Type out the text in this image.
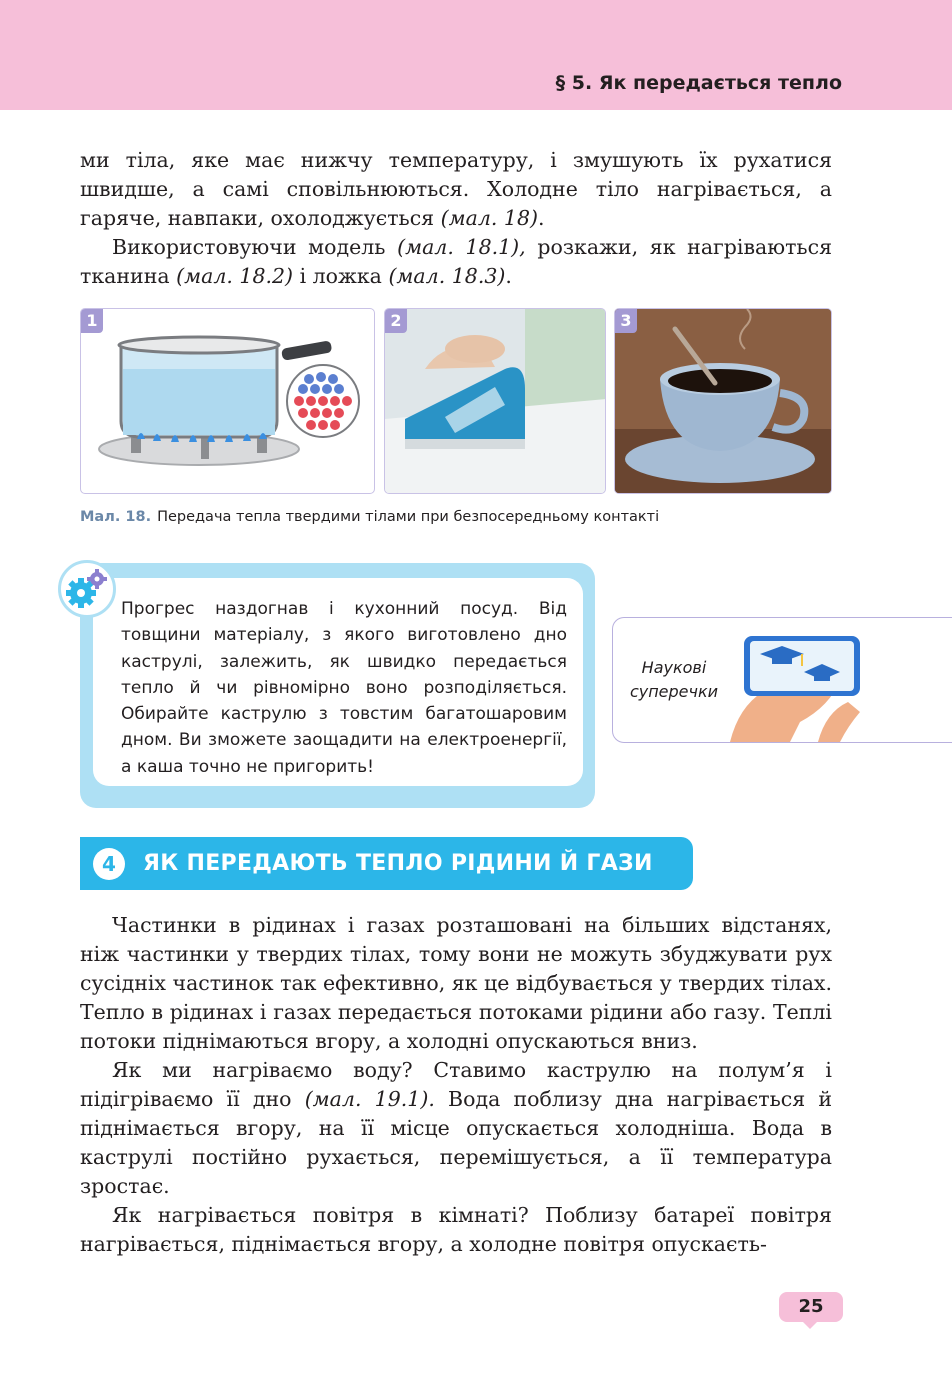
§ 5. Як передається тепло

ми тіла, яке має нижчу температуру, і змушують їх рухатися швидше, а самі сповільнюються. Холодне тіло нагрівається, а гаряче, навпаки, охолоджується (мал. 18).

Використовуючи модель (мал. 18.1), розкажи, як нагріваються тканина (мал. 18.2) і ложка (мал. 18.3).

1	2	3
Мал. 18. Передача тепла твердими тілами при безпосередньому контакті
Прогрес наздогнав і кухонний посуд. Від товщини матеріалу, з якого виготовлено дно каструлі, залежить, як швидко передається тепло й чи рівномірно воно розподіляється. Обирайте каструлю з товстим багатошаровим дном. Ви зможете заощадити на електроенергії, а каша точно не пригорить!
Наукові
суперечки
4	ЯК ПЕРЕДАЮТЬ ТЕПЛО РІДИНИ Й ГАЗИ

Частинки в рідинах і газах розташовані на більших відстанях, ніж частинки у твердих тілах, тому вони не можуть збуджувати рух сусідніх частинок так ефективно, як це відбувається у твердих тілах. Тепло в рідинах і газах передається потоками рідини або газу. Теплі потоки піднімаються вгору, а холодні опускаються вниз.

Як ми нагріваємо воду? Ставимо каструлю на полум’я і підігріваємо її дно (мал. 19.1). Вода поблизу дна нагрівається й піднімається вгору, на її місце опускається холодніша. Вода в каструлі постійно рухається, перемішується, а її температура зростає.

Як нагрівається повітря в кімнаті? Поблизу батареї повітря нагрівається, піднімається вгору, а холодне повітря опускаєть-

25
